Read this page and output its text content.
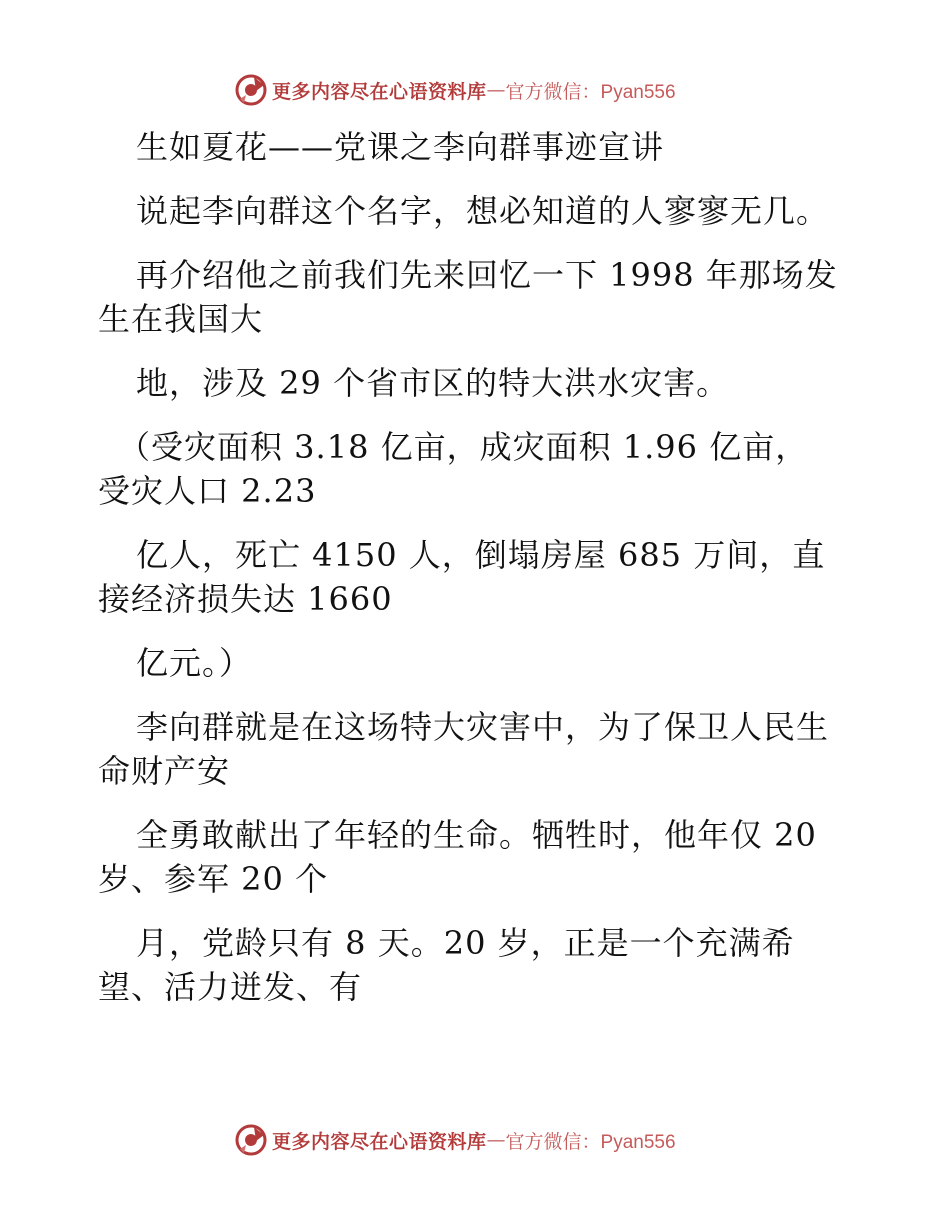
更多内容尽在心语资料库 — 官方微信：Pyan556
生如夏花——党课之李向群事迹宣讲
说起李向群这个名字，想必知道的人寥寥无几。
再介绍他之前我们先来回忆一下 1998 年那场发
生在我国大
地，涉及 29 个省市区的特大洪水灾害。
（受灾面积 3.18 亿亩，成灾面积 1.96 亿亩，
受灾人口 2.23
亿人，死亡 4150 人，倒塌房屋 685 万间，直
接经济损失达 1660
亿元。）
李向群就是在这场特大灾害中，为了保卫人民生
命财产安
全勇敢献出了年轻的生命。牺牲时，他年仅 20
岁、参军 20 个
月，党龄只有 8 天。20 岁，正是一个充满希
望、活力迸发、有
更多内容尽在心语资料库 — 官方微信：Pyan556
